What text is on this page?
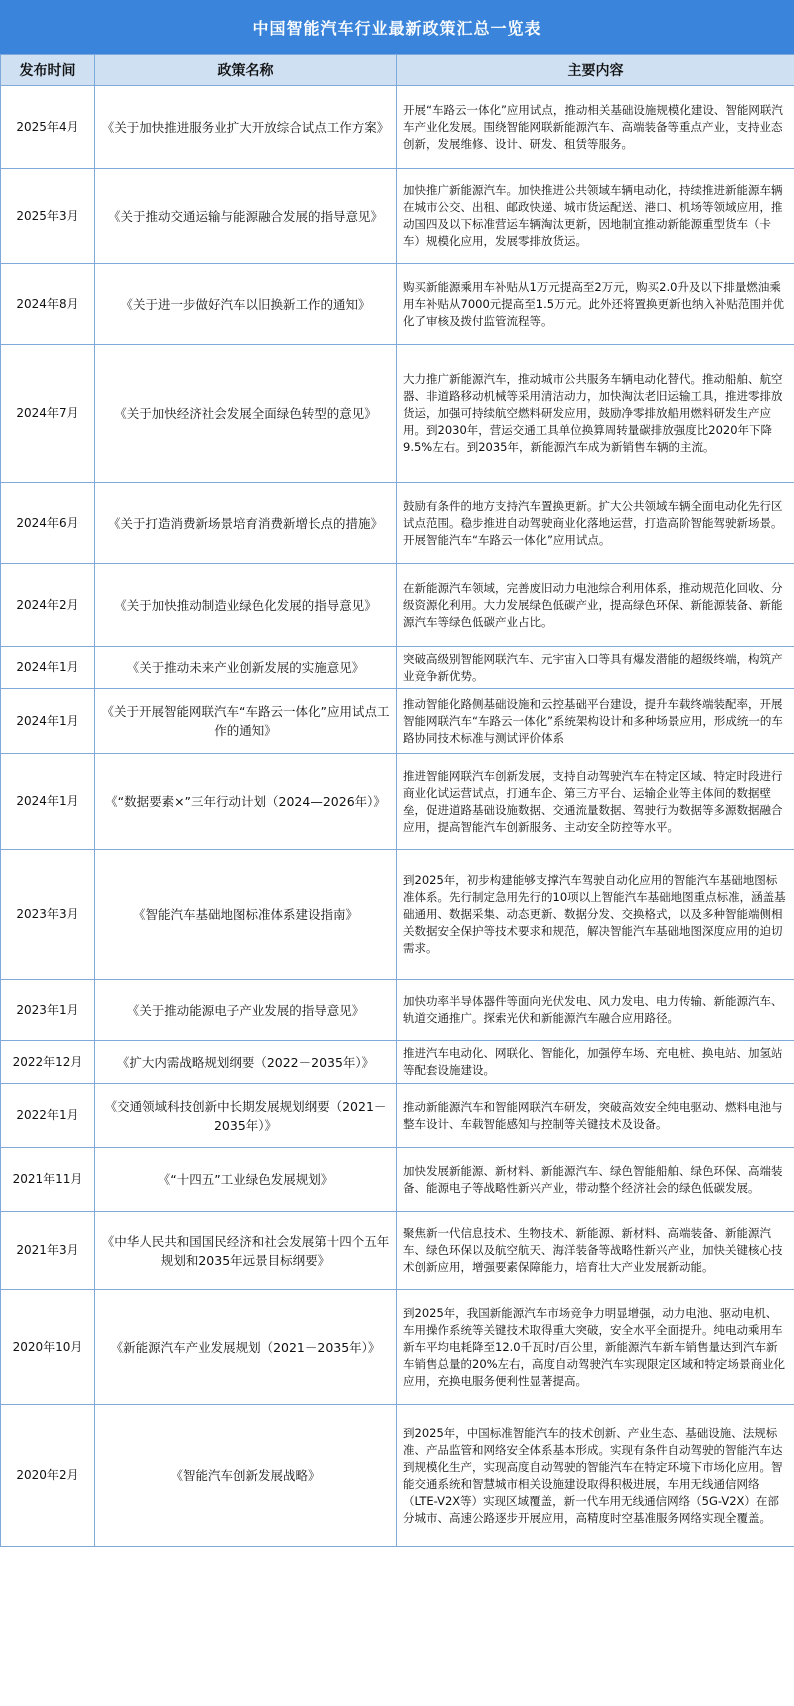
中国智能汽车行业最新政策汇总一览表
发布时间	政策名称	主要内容
2025年4月	《关于加快推进服务业扩大开放综合试点工作方案》	开展“车路云一体化”应用试点，推动相关基础设施规模化建设、智能网联汽车产业化发展。围绕智能网联新能源汽车、高端装备等重点产业，支持业态创新，发展维修、设计、研发、租赁等服务。
2025年3月	《关于推动交通运输与能源融合发展的指导意见》	加快推广新能源汽车。加快推进公共领域车辆电动化，持续推进新能源车辆在城市公交、出租、邮政快递、城市货运配送、港口、机场等领域应用，推动国四及以下标准营运车辆淘汰更新，因地制宜推动新能源重型货车（卡车）规模化应用，发展零排放货运。
2024年8月	《关于进一步做好汽车以旧换新工作的通知》	购买新能源乘用车补贴从1万元提高至2万元，购买2.0升及以下排量燃油乘用车补贴从7000元提高至1.5万元。此外还将置换更新也纳入补贴范围并优化了审核及拨付监管流程等。
2024年7月	《关于加快经济社会发展全面绿色转型的意见》	大力推广新能源汽车，推动城市公共服务车辆电动化替代。推动船舶、航空器、非道路移动机械等采用清洁动力，加快淘汰老旧运输工具，推进零排放货运，加强可持续航空燃料研发应用，鼓励净零排放船用燃料研发生产应用。到2030年，营运交通工具单位换算周转量碳排放强度比2020年下降9.5%左右。到2035年，新能源汽车成为新销售车辆的主流。
2024年6月	《关于打造消费新场景培育消费新增长点的措施》	鼓励有条件的地方支持汽车置换更新。扩大公共领域车辆全面电动化先行区试点范围。稳步推进自动驾驶商业化落地运营，打造高阶智能驾驶新场景。开展智能汽车“车路云一体化”应用试点。
2024年2月	《关于加快推动制造业绿色化发展的指导意见》	在新能源汽车领域，完善废旧动力电池综合利用体系，推动规范化回收、分级资源化利用。大力发展绿色低碳产业，提高绿色环保、新能源装备、新能源汽车等绿色低碳产业占比。
2024年1月	《关于推动未来产业创新发展的实施意见》	突破高级别智能网联汽车、元宇宙入口等具有爆发潜能的超级终端，构筑产业竞争新优势。
2024年1月	《关于开展智能网联汽车“车路云一体化”应用试点工作的通知》	推动智能化路侧基础设施和云控基础平台建设，提升车载终端装配率，开展智能网联汽车“车路云一体化”系统架构设计和多种场景应用，形成统一的车路协同技术标准与测试评价体系
2024年1月	《“数据要素×”三年行动计划（2024—2026年）》	推进智能网联汽车创新发展，支持自动驾驶汽车在特定区域、特定时段进行商业化试运营试点，打通车企、第三方平台、运输企业等主体间的数据壁垒，促进道路基础设施数据、交通流量数据、驾驶行为数据等多源数据融合应用，提高智能汽车创新服务、主动安全防控等水平。
2023年3月	《智能汽车基础地图标准体系建设指南》	到2025年，初步构建能够支撑汽车驾驶自动化应用的智能汽车基础地图标准体系。先行制定急用先行的10项以上智能汽车基础地图重点标准，涵盖基础通用、数据采集、动态更新、数据分发、交换格式，以及多种智能端侧相关数据安全保护等技术要求和规范，解决智能汽车基础地图深度应用的迫切需求。
2023年1月	《关于推动能源电子产业发展的指导意见》	加快功率半导体器件等面向光伏发电、风力发电、电力传输、新能源汽车、轨道交通推广。探索光伏和新能源汽车融合应用路径。
2022年12月	《扩大内需战略规划纲要（2022－2035年）》	推进汽车电动化、网联化、智能化，加强停车场、充电桩、换电站、加氢站等配套设施建设。
2022年1月	《交通领域科技创新中长期发展规划纲要（2021－2035年）》	推动新能源汽车和智能网联汽车研发，突破高效安全纯电驱动、燃料电池与整车设计、车载智能感知与控制等关键技术及设备。
2021年11月	《“十四五”工业绿色发展规划》	加快发展新能源、新材料、新能源汽车、绿色智能船舶、绿色环保、高端装备、能源电子等战略性新兴产业，带动整个经济社会的绿色低碳发展。
2021年3月	《中华人民共和国国民经济和社会发展第十四个五年规划和2035年远景目标纲要》	聚焦新一代信息技术、生物技术、新能源、新材料、高端装备、新能源汽车、绿色环保以及航空航天、海洋装备等战略性新兴产业，加快关键核心技术创新应用，增强要素保障能力，培育壮大产业发展新动能。
2020年10月	《新能源汽车产业发展规划（2021－2035年）》	到2025年，我国新能源汽车市场竞争力明显增强，动力电池、驱动电机、车用操作系统等关键技术取得重大突破，安全水平全面提升。纯电动乘用车新车平均电耗降至12.0千瓦时/百公里，新能源汽车新车销售量达到汽车新车销售总量的20%左右，高度自动驾驶汽车实现限定区域和特定场景商业化应用，充换电服务便利性显著提高。
2020年2月	《智能汽车创新发展战略》	到2025年，中国标准智能汽车的技术创新、产业生态、基础设施、法规标准、产品监管和网络安全体系基本形成。实现有条件自动驾驶的智能汽车达到规模化生产，实现高度自动驾驶的智能汽车在特定环境下市场化应用。智能交通系统和智慧城市相关设施建设取得积极进展，车用无线通信网络（LTE-V2X等）实现区域覆盖，新一代车用无线通信网络（5G-V2X）在部分城市、高速公路逐步开展应用，高精度时空基准服务网络实现全覆盖。
